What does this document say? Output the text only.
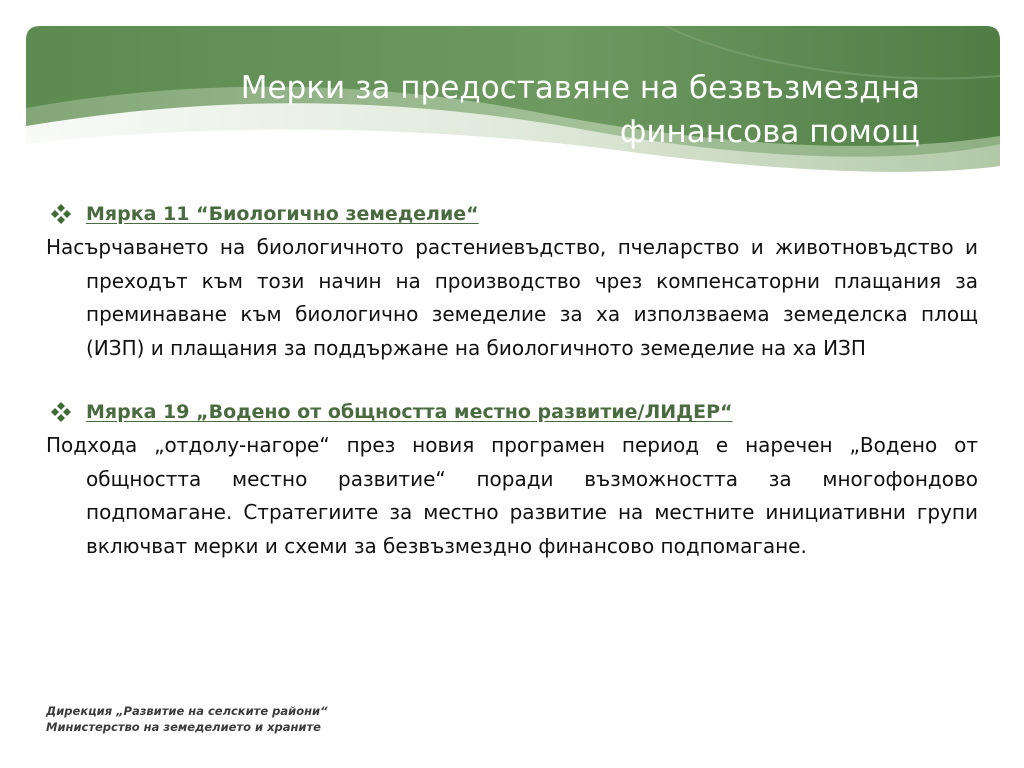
Мерки за предоставяне на безвъзмездна
финансова помощ
Мярка 11 “Биологично земеделие“

Насърчаването на биологичното растениевъдство, пчеларство и животновъдство и преходът към този начин на производство чрез компенсаторни плащания за преминаване към биологично земеделие за ха използваема земеделска площ (ИЗП) и плащания за поддържане на биологичното земеделие на ха ИЗП

Мярка 19 „Водено от общността местно развитие/ЛИДЕР“

Подхода „отдолу-нагоре“ през новия програмен период е наречен „Водено от общността местно развитие“ поради възможността за многофондово подпомагане. Стратегиите за местно развитие на местните инициативни групи включват мерки и схеми за безвъзмездно финансово подпомагане.

Дирекция „Развитие на селските райони“
Министерство на земеделието и храните
